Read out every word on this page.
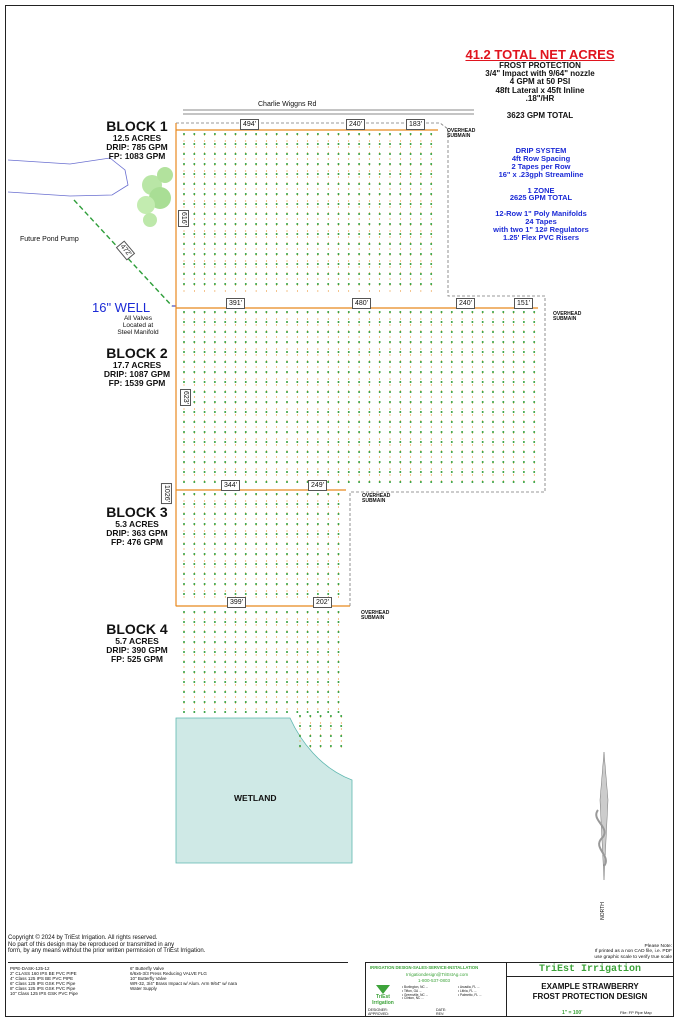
41.2 TOTAL NET ACRES
FROST PROTECTION
3/4" Impact with 9/64" nozzle
4 GPM at 50 PSI
48ft Lateral x 45ft Inline
.18"/HR
3623 GPM TOTAL
DRIP SYSTEM
4ft Row Spacing
2 Tapes per Row
16" x .23gph Streamline
1 ZONE
2625 GPM TOTAL
12-Row 1" Poly Manifolds
24 Tapes
with two 1" 12# Regulators
1.25' Flex PVC Risers
Charlie Wiggns Rd
BLOCK 1
12.5 ACRES
DRIP: 785 GPM
FP: 1083 GPM
BLOCK 2
17.7 ACRES
DRIP: 1087 GPM
FP: 1539 GPM
BLOCK 3
5.3 ACRES
DRIP: 363 GPM
FP: 476 GPM
BLOCK 4
5.7 ACRES
DRIP: 390 GPM
FP: 525 GPM
16" WELL
All Valves
Located at
Steel Manifold
Future Pond Pump
494'	240'	183'
616'
472'
391'	480'	240'	151'
623'
1026'	344'	249'
399'	202'
OVERHEAD
SUBMAIN
OVERHEAD
SUBMAIN
OVERHEAD
SUBMAIN
OVERHEAD
SUBMAIN
WETLAND
NORTH
Copyright © 2024 by TriEst Irrigation. All rights reserved.
No part of this design may be reproduced or transmitted in any
form, by any means without the prior written permission of TriEst Irrigation.
Please Note:
If printed as a non CAD file, i.e. PDF
use graphic scale to verify true scale
PIPE-DASK-125-12
2" CLASS 160 IPS BE PVC PIPE
4" Class 125 IPS BE PVC PIPE
6" Class 125 IPS GSK PVC Pipe
8" Class 125 IPS GSK PVC Pipe
10" Class 125 IPS GSK PVC Pipe
6" Butterfly Valve
6/6x6-3/3 Press Reducing VALVE FLG
10" Butterfly Valve
WR-32, 3/4" Brass Impact w/ Alum. Arm 9/64" w/ nara
Water Supply
IRRIGATION DESIGN-SALES-SERVICE-INSTALLATION
Irrigationdesign@TriEstAg.com
1-800-537-0803
TriEst
Irrigation
• Burlington, NC ...
• Tifton, GA ...
• Greenville, NC ...
• Clinton, NC ...
• Arcadia, FL ...
• Lithia, FL ...
• Palmetto, FL ...
DESIGNER:
APPROVED:
DATE:
REV:
TriEst Irrigation
EXAMPLE STRAWBERRY
FROST PROTECTION DESIGN
1" = 100'	File: FP Pipe Map
